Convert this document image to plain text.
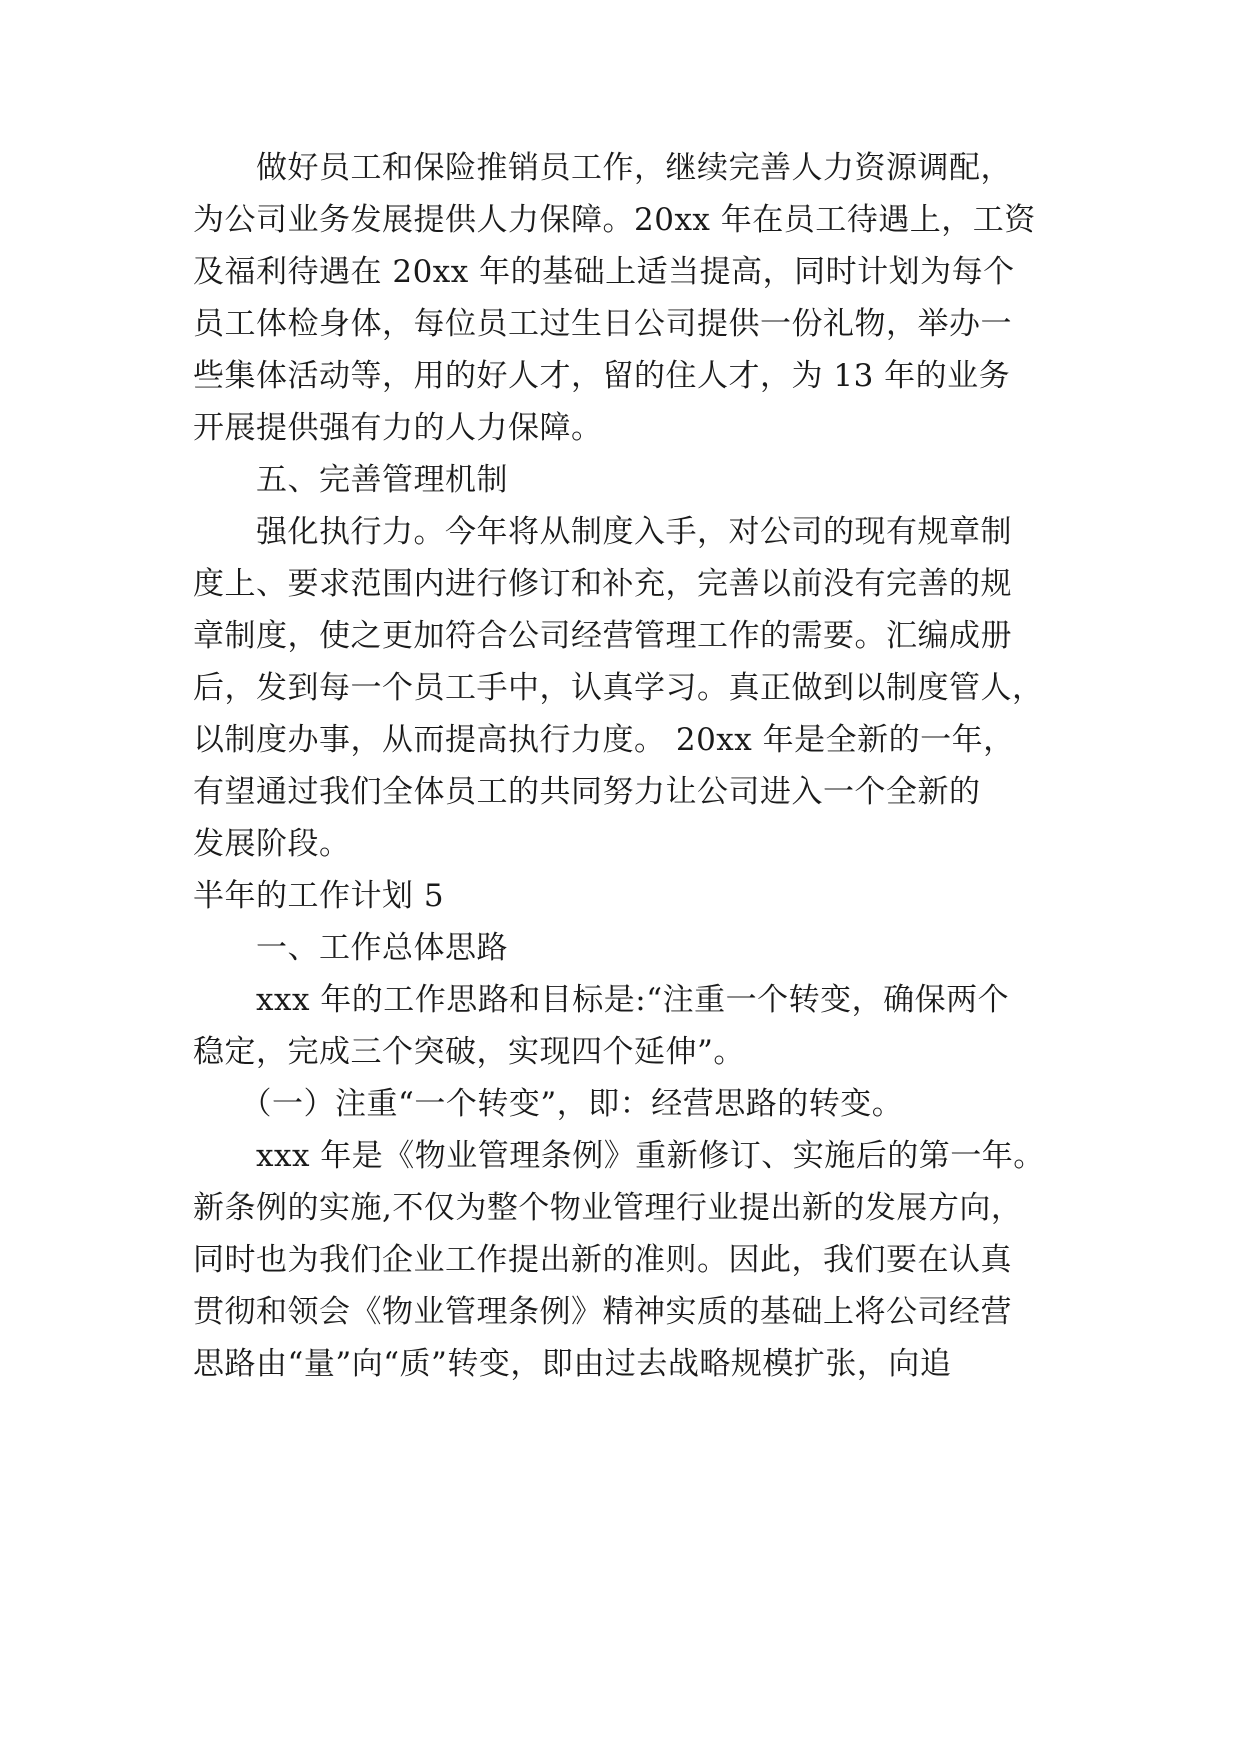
　　做好员工和保险推销员工作，继续完善人力资源调配，
为公司业务发展提供人力保障。20xx 年在员工待遇上，工资
及福利待遇在 20xx 年的基础上适当提高，同时计划为每个
员工体检身体，每位员工过生日公司提供一份礼物，举办一
些集体活动等，用的好人才，留的住人才，为 13 年的业务
开展提供强有力的人力保障。
　　五、完善管理机制
　　强化执行力。今年将从制度入手，对公司的现有规章制
度上、要求范围内进行修订和补充，完善以前没有完善的规
章制度，使之更加符合公司经营管理工作的需要。汇编成册
后，发到每一个员工手中，认真学习。真正做到以制度管人，
以制度办事，从而提高执行力度。 20xx 年是全新的一年，
有望通过我们全体员工的共同努力让公司进入一个全新的
发展阶段。
半年的工作计划 5
　　一、工作总体思路
　　xxx 年的工作思路和目标是:“注重一个转变，确保两个
稳定，完成三个突破，实现四个延伸”。
　　（一）注重“一个转变”，即：经营思路的转变。
　　xxx 年是《物业管理条例》重新修订、实施后的第一年。
新条例的实施,不仅为整个物业管理行业提出新的发展方向，
同时也为我们企业工作提出新的准则。因此，我们要在认真
贯彻和领会《物业管理条例》精神实质的基础上将公司经营
思路由“量”向“质”转变，即由过去战略规模扩张，向追
